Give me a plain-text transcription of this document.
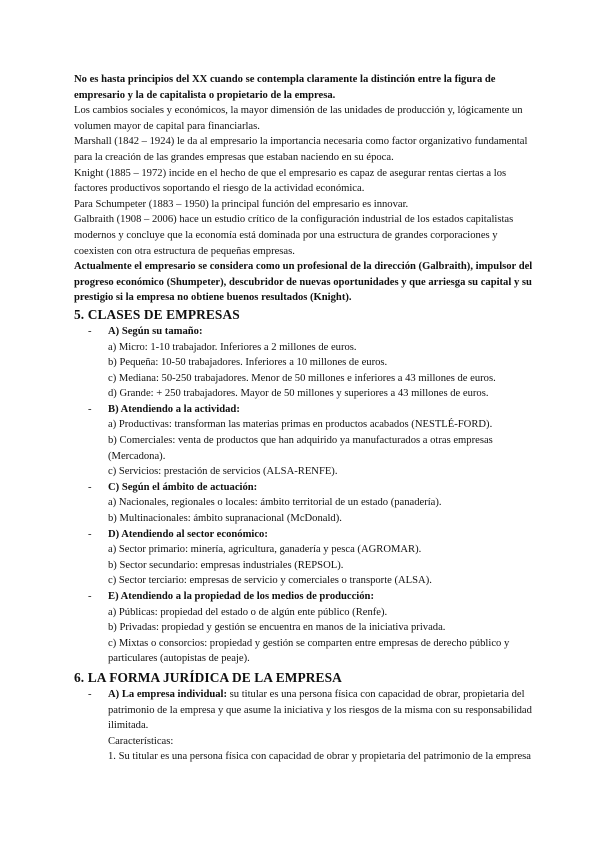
No es hasta principios del XX cuando se contempla claramente la distinción entre la figura de empresario y la de capitalista o propietario de la empresa.

Los cambios sociales y económicos, la mayor dimensión de las unidades de producción y, lógicamente un volumen mayor de capital para financiarlas.

Marshall (1842 – 1924) le da al empresario la importancia necesaria como factor organizativo fundamental para la creación de las grandes empresas que estaban naciendo en su época.

Knight (1885 – 1972) incide en el hecho de que el empresario es capaz de asegurar rentas ciertas a los factores productivos soportando el riesgo de la actividad económica.

Para Schumpeter (1883 – 1950) la principal función del empresario es innovar.

Galbraith (1908 – 2006) hace un estudio crítico de la configuración industrial de los estados capitalistas modernos y concluye que la economía está dominada por una estructura de grandes corporaciones y coexisten con otra estructura de pequeñas empresas.

Actualmente el empresario se considera como un profesional de la dirección (Galbraith), impulsor del progreso económico (Shumpeter), descubridor de nuevas oportunidades y que arriesga su capital y su prestigio si la empresa no obtiene buenos resultados (Knight).

5. CLASES DE EMPRESAS
- A) Según su tamaño:

a) Micro: 1-10 trabajador. Inferiores a 2 millones de euros.

b) Pequeña: 10-50 trabajadores. Inferiores a 10 millones de euros.

c) Mediana: 50-250 trabajadores. Menor de 50 millones e inferiores a 43 millones de euros.

d) Grande: + 250 trabajadores. Mayor de 50 millones y superiores a 43 millones de euros.

- B) Atendiendo a la actividad:

a) Productivas: transforman las materias primas en productos acabados (NESTLÉ-FORD).

b) Comerciales: venta de productos que han adquirido ya manufacturados a otras empresas (Mercadona).

c) Servicios: prestación de servicios (ALSA-RENFE).

- C) Según el ámbito de actuación:

a) Nacionales, regionales o locales: ámbito territorial de un estado (panadería).

b) Multinacionales: ámbito supranacional (McDonald).

- D) Atendiendo al sector económico:

a) Sector primario: minería, agricultura, ganadería y pesca (AGROMAR).

b) Sector secundario: empresas industriales (REPSOL).

c) Sector terciario: empresas de servicio y comerciales o transporte (ALSA).

- E) Atendiendo a la propiedad de los medios de producción:

a) Públicas: propiedad del estado o de algún ente público (Renfe).

b) Privadas: propiedad y gestión se encuentra en manos de la iniciativa privada.

c) Mixtas o consorcios: propiedad y gestión se comparten entre empresas de derecho público y particulares (autopistas de peaje).

6. LA FORMA JURÍDICA DE LA EMPRESA
- A) La empresa individual: su titular es una persona física con capacidad de obrar, propietaria del patrimonio de la empresa y que asume la iniciativa y los riesgos de la misma con su responsabilidad ilimitada.

Características:

1. Su titular es una persona física con capacidad de obrar y propietaria del patrimonio de la empresa
